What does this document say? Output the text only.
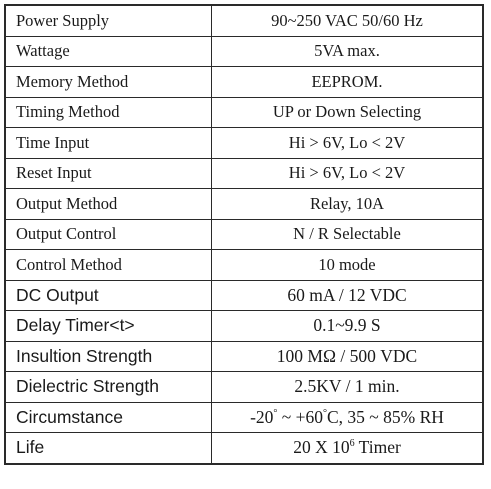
Power Supply	90~250 VAC 50/60 Hz
Wattage	5VA max.
Memory Method	EEPROM.
Timing Method	UP or Down Selecting
Time Input	Hi > 6V, Lo < 2V
Reset Input	Hi > 6V, Lo < 2V
Output Method	Relay, 10A
Output Control	N / R Selectable
Control Method	10 mode
DC Output	60 mA / 12 VDC
Delay Timer<t>	0.1~9.9 S
Insultion Strength	100 MΩ / 500 VDC
Dielectric Strength	2.5KV / 1 min.
Circumstance	-20° ~ +60°C, 35 ~ 85% RH
Life	20 X $10^6$ Timer
